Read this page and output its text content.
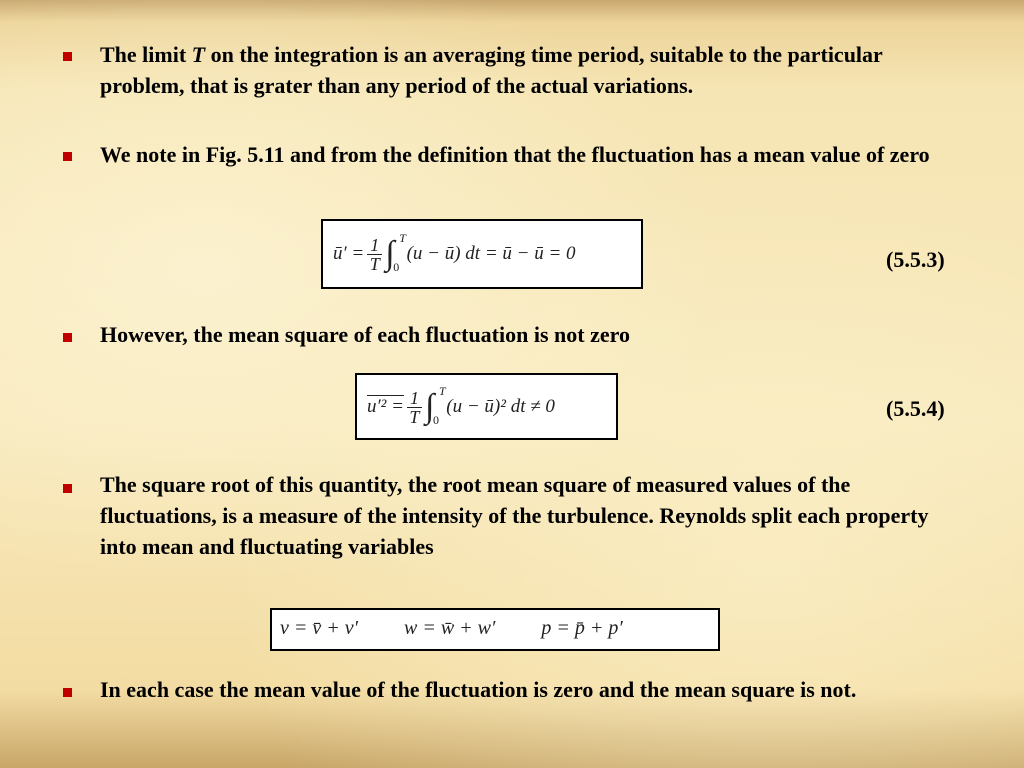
The limit T on the integration is an averaging time period, suitable to the particular problem, that is grater than any period of the actual variations.
We note in Fig. 5.11 and from the definition that the fluctuation has a mean value of zero
ū′ = $\frac{1}{T}$ ∫ T
0
(u − ū) dt = ū − ū = 0	(5.5.3)
However, the mean square of each fluctuation is not zero
$u'^2 = \frac{1}{T}$ ∫ T
0
(u − ū)² dt ≠ 0	(5.5.4)
The square root of this quantity, the root mean square of measured values of the fluctuations, is a measure of the intensity of the turbulence. Reynolds split each property into mean and fluctuating variables
v = v̄ + v′ w = w̄ + w′ p = p̄ + p′
In each case the mean value of the fluctuation is zero and the mean square is not.
